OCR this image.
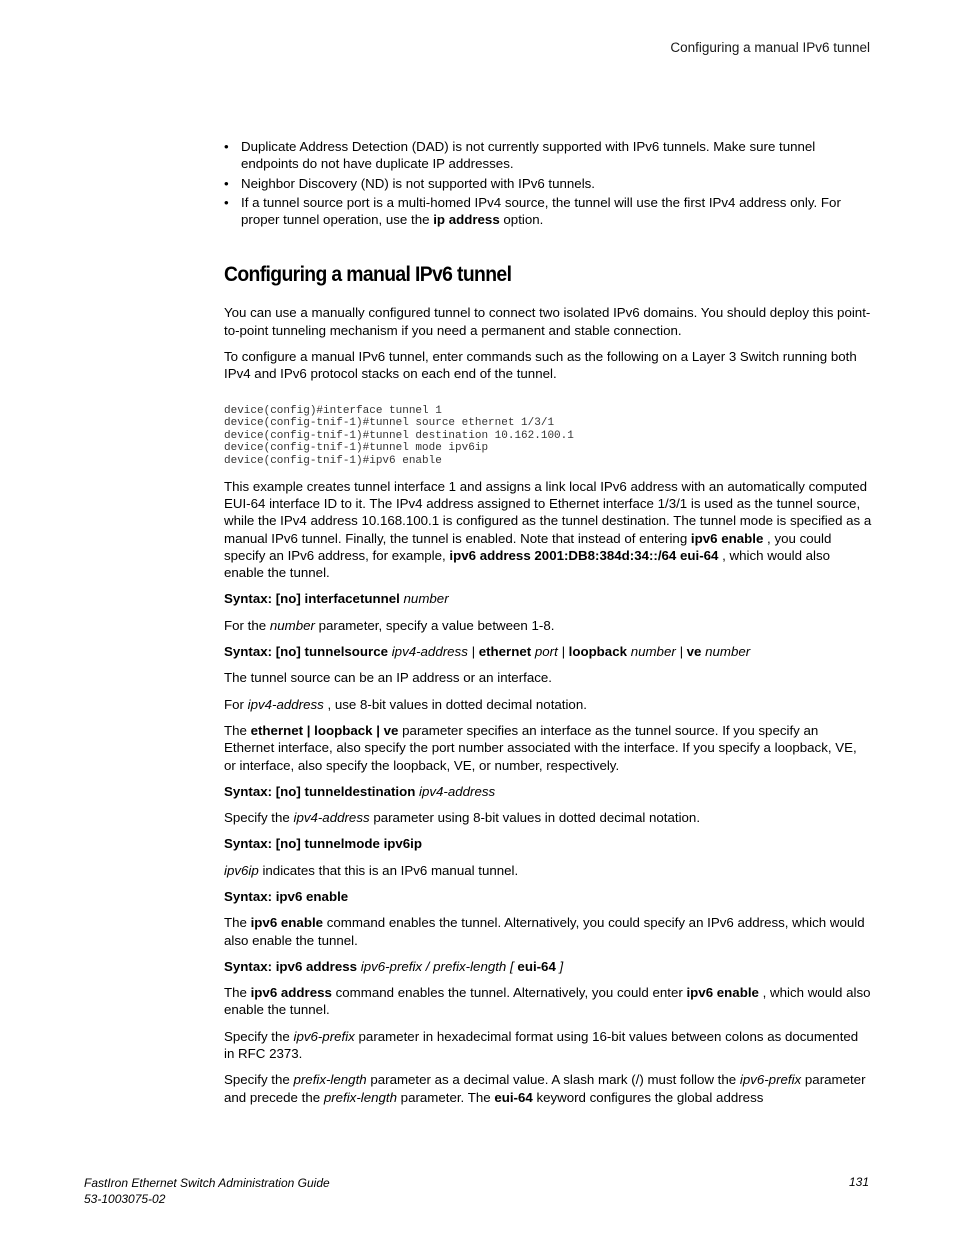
Configuring a manual IPv6 tunnel
• Duplicate Address Detection (DAD) is not currently supported with IPv6 tunnels. Make sure tunnel endpoints do not have duplicate IP addresses.
• Neighbor Discovery (ND) is not supported with IPv6 tunnels.
• If a tunnel source port is a multi-homed IPv4 source, the tunnel will use the first IPv4 address only. For proper tunnel operation, use the ip address option.
Configuring a manual IPv6 tunnel

You can use a manually configured tunnel to connect two isolated IPv6 domains. You should deploy this point-to-point tunneling mechanism if you need a permanent and stable connection.

To configure a manual IPv6 tunnel, enter commands such as the following on a Layer 3 Switch running both IPv4 and IPv6 protocol stacks on each end of the tunnel.

device(config)#interface tunnel 1
device(config-tnif-1)#tunnel source ethernet 1/3/1
device(config-tnif-1)#tunnel destination 10.162.100.1
device(config-tnif-1)#tunnel mode ipv6ip
device(config-tnif-1)#ipv6 enable

This example creates tunnel interface 1 and assigns a link local IPv6 address with an automatically computed EUI-64 interface ID to it. The IPv4 address assigned to Ethernet interface 1/3/1 is used as the tunnel source, while the IPv4 address 10.168.100.1 is configured as the tunnel destination. The tunnel mode is specified as a manual IPv6 tunnel. Finally, the tunnel is enabled. Note that instead of entering ipv6 enable , you could specify an IPv6 address, for example, ipv6 address 2001:DB8:384d:34::/64 eui-64 , which would also enable the tunnel.

Syntax: [no] interfacetunnel number

For the number parameter, specify a value between 1-8.

Syntax: [no] tunnelsource ipv4-address | ethernet port | loopback number | ve number

The tunnel source can be an IP address or an interface.

For ipv4-address , use 8-bit values in dotted decimal notation.

The ethernet | loopback | ve parameter specifies an interface as the tunnel source. If you specify an Ethernet interface, also specify the port number associated with the interface. If you specify a loopback, VE, or interface, also specify the loopback, VE, or number, respectively.

Syntax: [no] tunneldestination ipv4-address

Specify the ipv4-address parameter using 8-bit values in dotted decimal notation.

Syntax: [no] tunnelmode ipv6ip

ipv6ip indicates that this is an IPv6 manual tunnel.

Syntax: ipv6 enable

The ipv6 enable command enables the tunnel. Alternatively, you could specify an IPv6 address, which would also enable the tunnel.

Syntax: ipv6 address ipv6-prefix / prefix-length [ eui-64 ]

The ipv6 address command enables the tunnel. Alternatively, you could enter ipv6 enable , which would also enable the tunnel.

Specify the ipv6-prefix parameter in hexadecimal format using 16-bit values between colons as documented in RFC 2373.

Specify the prefix-length parameter as a decimal value. A slash mark (/) must follow the ipv6-prefix parameter and precede the prefix-length parameter. The eui-64 keyword configures the global address

FastIron Ethernet Switch Administration Guide
53-1003075-02
131
